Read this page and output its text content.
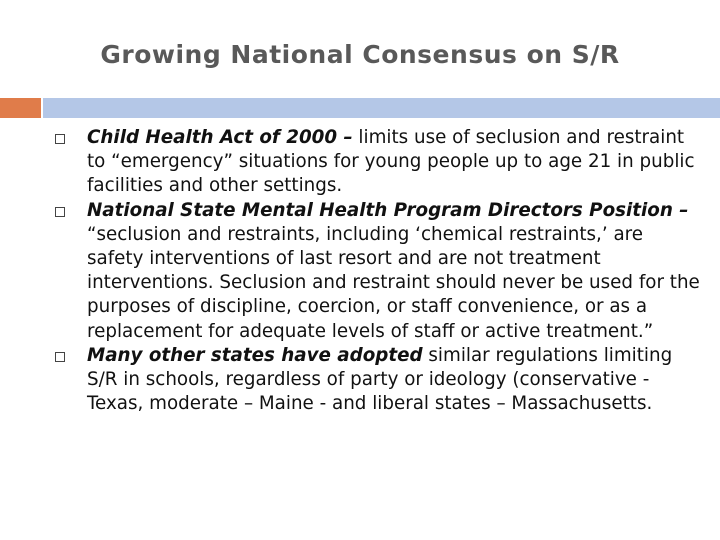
Growing National Consensus on S/R
Child Health Act of 2000 – limits use of seclusion and restraint to “emergency” situations for young people up to age 21 in public facilities and other settings.
National State Mental Health Program Directors Position – “seclusion and restraints, including ‘chemical restraints,’ are safety interventions of last resort and are not treatment interventions. Seclusion and restraint should never be used for the purposes of discipline, coercion, or staff convenience, or as a replacement for adequate levels of staff or active treatment.”
Many other states have adopted similar regulations limiting S/R in schools, regardless of party or ideology (conservative - Texas, moderate – Maine - and liberal states – Massachusetts.
